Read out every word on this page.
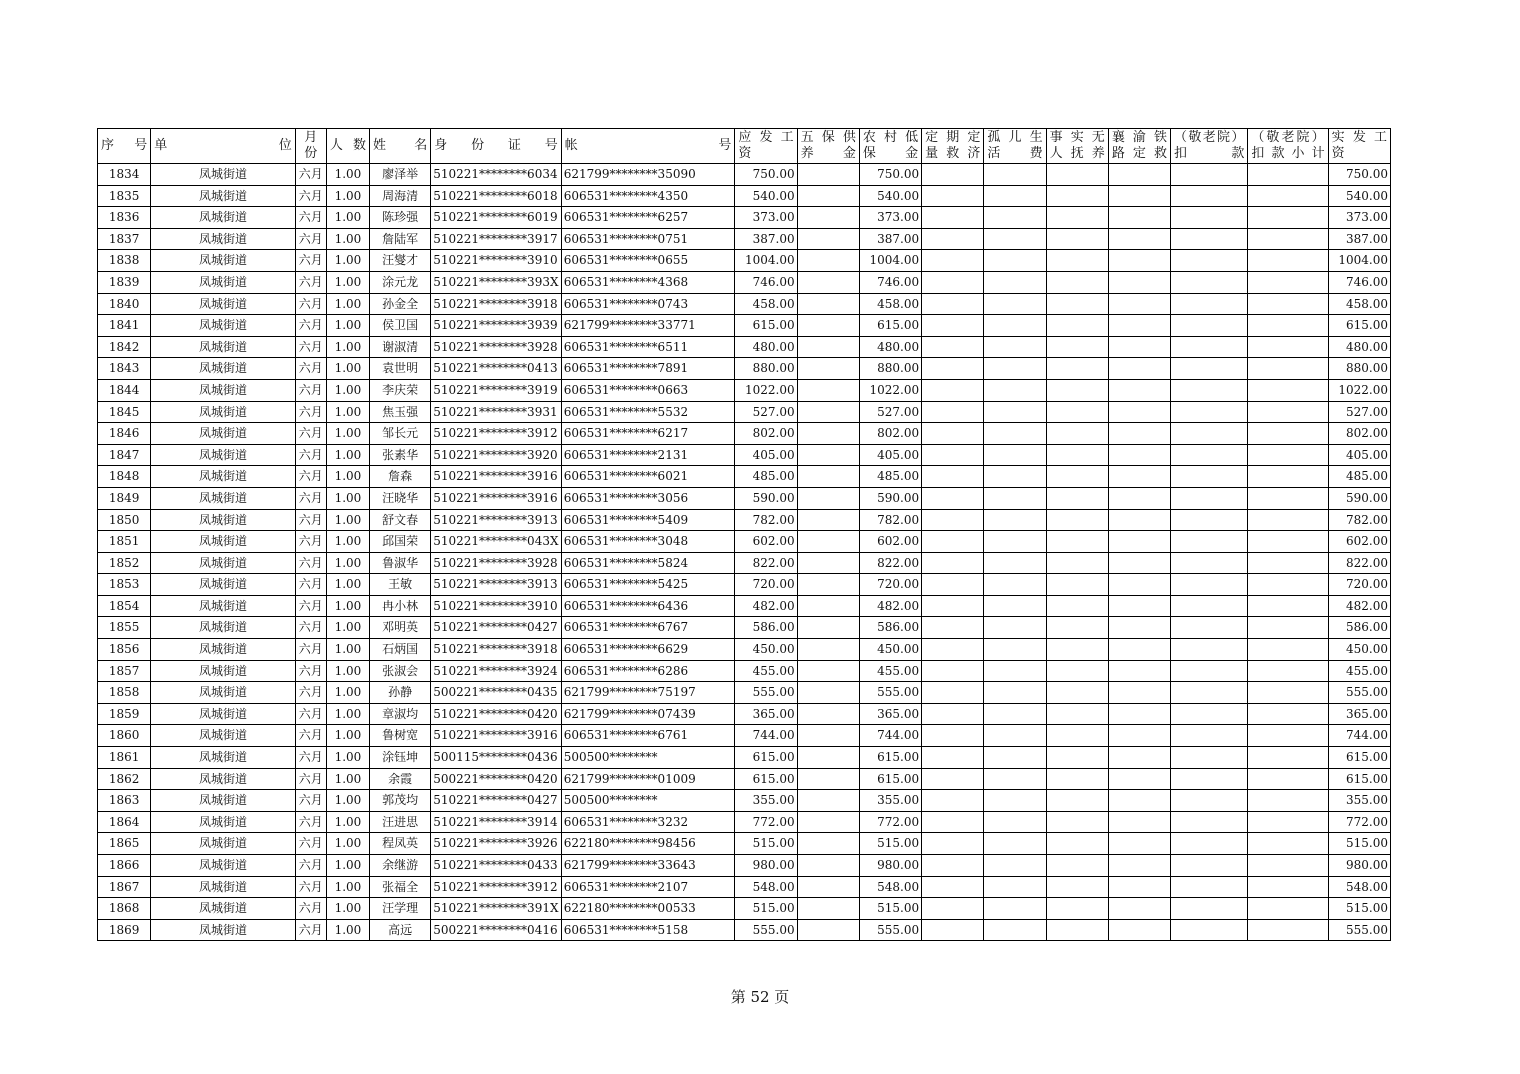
序 号	单 位	月份	人 数	姓 名	身 份 证 号	帐 号	应 发 工 资	五 保 供 养 金	农 村 低 保 金	定 期 定 量 救 济	孤 儿 生 活 费	事 实 无 人 抚 养	襄 渝 铁 路 定 救	（敬老院）扣 款	（敬老院）扣 款 小 计	实 发 工 资
1834	凤城街道	六月	1.00	廖泽举	510221********6034	621799********35090	750.00		750.00							750.00
1835	凤城街道	六月	1.00	周海清	510221********6018	606531********4350	540.00		540.00							540.00
1836	凤城街道	六月	1.00	陈珍强	510221********6019	606531********6257	373.00		373.00							373.00
1837	凤城街道	六月	1.00	詹陆军	510221********3917	606531********0751	387.00		387.00							387.00
1838	凤城街道	六月	1.00	汪燮才	510221********3910	606531********0655	1004.00		1004.00							1004.00
1839	凤城街道	六月	1.00	涂元龙	510221********393X	606531********4368	746.00		746.00							746.00
1840	凤城街道	六月	1.00	孙金全	510221********3918	606531********0743	458.00		458.00							458.00
1841	凤城街道	六月	1.00	侯卫国	510221********3939	621799********33771	615.00		615.00							615.00
1842	凤城街道	六月	1.00	谢淑清	510221********3928	606531********6511	480.00		480.00							480.00
1843	凤城街道	六月	1.00	袁世明	510221********0413	606531********7891	880.00		880.00							880.00
1844	凤城街道	六月	1.00	李庆荣	510221********3919	606531********0663	1022.00		1022.00							1022.00
1845	凤城街道	六月	1.00	焦玉强	510221********3931	606531********5532	527.00		527.00							527.00
1846	凤城街道	六月	1.00	邹长元	510221********3912	606531********6217	802.00		802.00							802.00
1847	凤城街道	六月	1.00	张素华	510221********3920	606531********2131	405.00		405.00							405.00
1848	凤城街道	六月	1.00	詹森	510221********3916	606531********6021	485.00		485.00							485.00
1849	凤城街道	六月	1.00	汪晓华	510221********3916	606531********3056	590.00		590.00							590.00
1850	凤城街道	六月	1.00	舒文春	510221********3913	606531********5409	782.00		782.00							782.00
1851	凤城街道	六月	1.00	邱国荣	510221********043X	606531********3048	602.00		602.00							602.00
1852	凤城街道	六月	1.00	鲁淑华	510221********3928	606531********5824	822.00		822.00							822.00
1853	凤城街道	六月	1.00	王敏	510221********3913	606531********5425	720.00		720.00							720.00
1854	凤城街道	六月	1.00	冉小林	510221********3910	606531********6436	482.00		482.00							482.00
1855	凤城街道	六月	1.00	邓明英	510221********0427	606531********6767	586.00		586.00							586.00
1856	凤城街道	六月	1.00	石炳国	510221********3918	606531********6629	450.00		450.00							450.00
1857	凤城街道	六月	1.00	张淑会	510221********3924	606531********6286	455.00		455.00							455.00
1858	凤城街道	六月	1.00	孙静	500221********0435	621799********75197	555.00		555.00							555.00
1859	凤城街道	六月	1.00	章淑均	510221********0420	621799********07439	365.00		365.00							365.00
1860	凤城街道	六月	1.00	鲁树宽	510221********3916	606531********6761	744.00		744.00							744.00
1861	凤城街道	六月	1.00	涂钰坤	500115********0436	500500********	615.00		615.00							615.00
1862	凤城街道	六月	1.00	余霞	500221********0420	621799********01009	615.00		615.00							615.00
1863	凤城街道	六月	1.00	郭茂均	510221********0427	500500********	355.00		355.00							355.00
1864	凤城街道	六月	1.00	汪进思	510221********3914	606531********3232	772.00		772.00							772.00
1865	凤城街道	六月	1.00	程凤英	510221********3926	622180********98456	515.00		515.00							515.00
1866	凤城街道	六月	1.00	余继游	510221********0433	621799********33643	980.00		980.00							980.00
1867	凤城街道	六月	1.00	张福全	510221********3912	606531********2107	548.00		548.00							548.00
1868	凤城街道	六月	1.00	汪学理	510221********391X	622180********00533	515.00		515.00							515.00
1869	凤城街道	六月	1.00	高远	500221********0416	606531********5158	555.00		555.00							555.00
第 52 页
